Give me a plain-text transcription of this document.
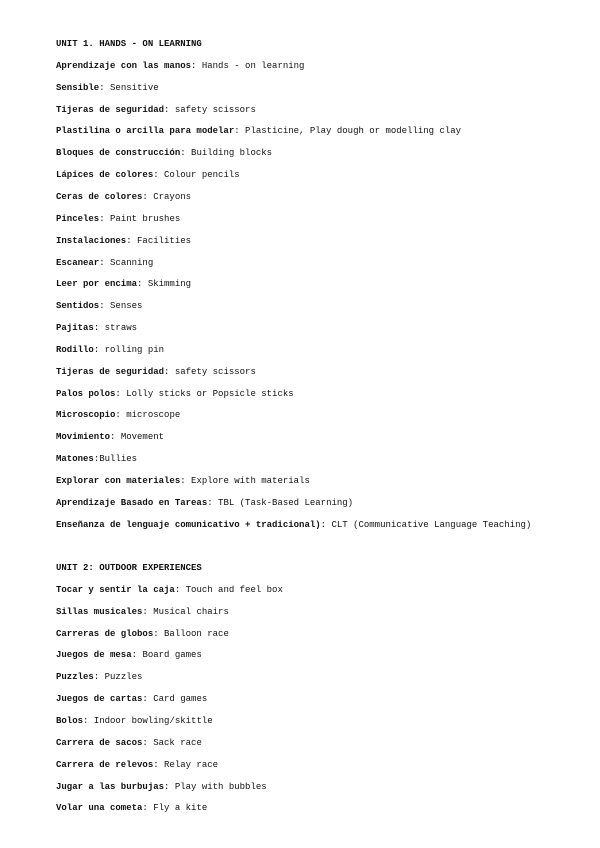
UNIT 1. HANDS - ON LEARNING
Aprendizaje con las manos: Hands - on learning
Sensible: Sensitive
Tijeras de seguridad: safety scissors
Plastilina o arcilla para modelar: Plasticine, Play dough or modelling clay
Bloques de construcción: Building blocks
Lápices de colores: Colour pencils
Ceras de colores: Crayons
Pinceles: Paint brushes
Instalaciones: Facilities
Escanear: Scanning
Leer por encima: Skimming
Sentidos: Senses
Pajitas: straws
Rodillo: rolling pin
Tijeras de seguridad: safety scissors
Palos polos: Lolly sticks or Popsicle sticks
Microscopio: microscope
Movimiento: Movement
Matones:Bullies
Explorar con materiales: Explore with materials
Aprendizaje Basado en Tareas: TBL (Task-Based Learning)
Enseñanza de lenguaje comunicativo + tradicional): CLT (Communicative Language Teaching)
UNIT 2: OUTDOOR EXPERIENCES
Tocar y sentir la caja: Touch and feel box
Sillas musicales: Musical chairs
Carreras de globos: Balloon race
Juegos de mesa: Board games
Puzzles: Puzzles
Juegos de cartas: Card games
Bolos: Indoor bowling/skittle
Carrera de sacos: Sack race
Carrera de relevos: Relay race
Jugar a las burbujas: Play with bubbles
Volar una cometa: Fly a kite
